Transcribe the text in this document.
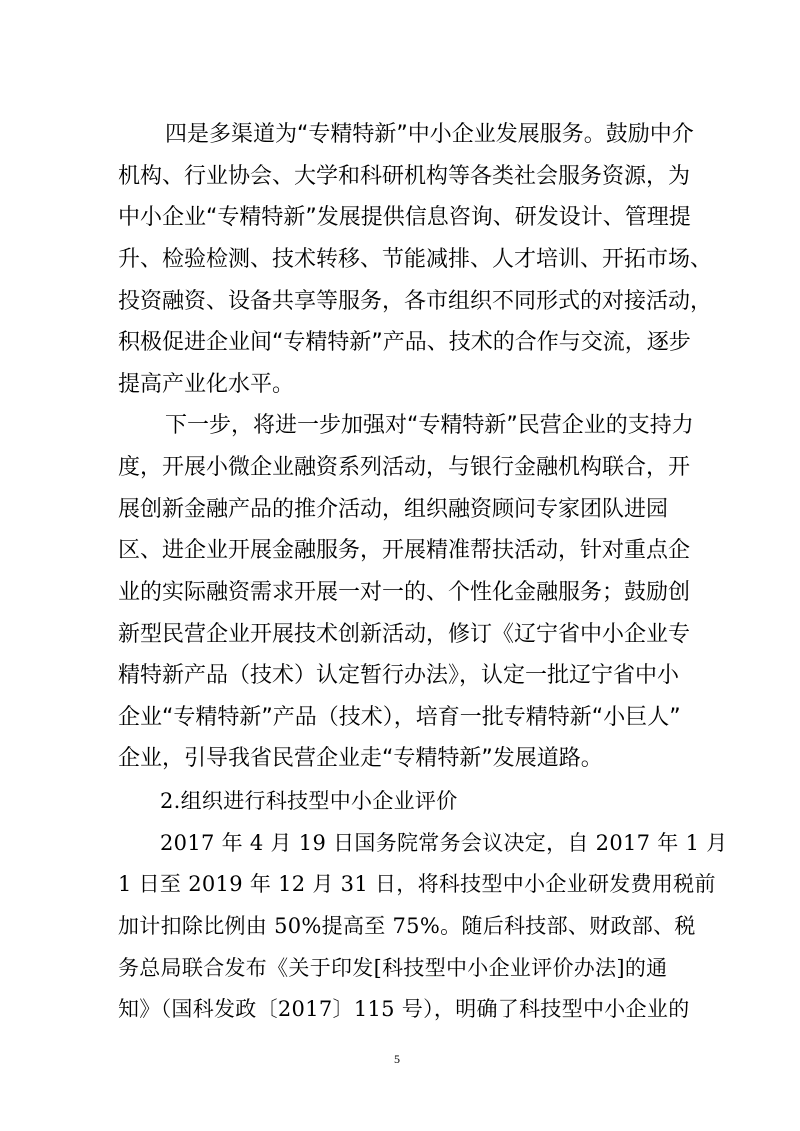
四是多渠道为“专精特新”中小企业发展服务。鼓励中介
机构、行业协会、大学和科研机构等各类社会服务资源，为
中小企业“专精特新”发展提供信息咨询、研发设计、管理提
升、检验检测、技术转移、节能减排、人才培训、开拓市场、
投资融资、设备共享等服务，各市组织不同形式的对接活动，
积极促进企业间“专精特新”产品、技术的合作与交流，逐步
提高产业化水平。
下一步，将进一步加强对“专精特新”民营企业的支持力
度，开展小微企业融资系列活动，与银行金融机构联合，开
展创新金融产品的推介活动，组织融资顾问专家团队进园
区、进企业开展金融服务，开展精准帮扶活动，针对重点企
业的实际融资需求开展一对一的、个性化金融服务；鼓励创
新型民营企业开展技术创新活动，修订《辽宁省中小企业专
精特新产品（技术）认定暂行办法》，认定一批辽宁省中小
企业“专精特新”产品（技术），培育一批专精特新“小巨人”
企业，引导我省民营企业走“专精特新”发展道路。
2.组织进行科技型中小企业评价
2017 年 4 月 19 日国务院常务会议决定，自 2017 年 1 月
1 日至 2019 年 12 月 31 日，将科技型中小企业研发费用税前
加计扣除比例由 50%提高至 75%。随后科技部、财政部、税
务总局联合发布《关于印发[科技型中小企业评价办法]的通
知》（国科发政〔2017〕115 号），明确了科技型中小企业的
5
